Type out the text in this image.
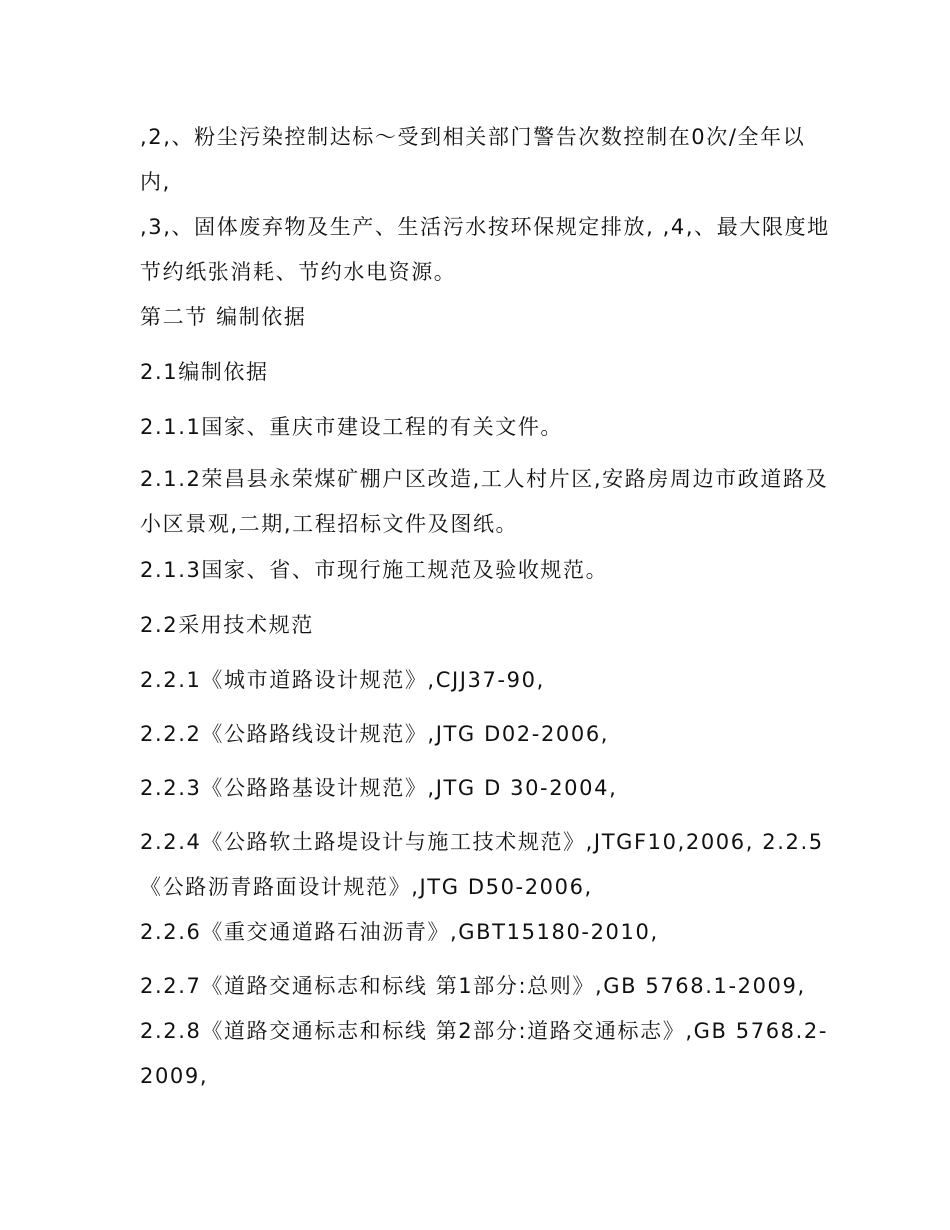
,2,、粉尘污染控制达标～受到相关部门警告次数控制在0次/全年以内,
,3,、固体废弃物及生产、生活污水按环保规定排放, ,4,、最大限度地节约纸张消耗、节约水电资源。
第二节 编制依据
2.1编制依据
2.1.1国家、重庆市建设工程的有关文件。
2.1.2荣昌县永荣煤矿棚户区改造,工人村片区,安路房周边市政道路及小区景观,二期,工程招标文件及图纸。
2.1.3国家、省、市现行施工规范及验收规范。
2.2采用技术规范
2.2.1《城市道路设计规范》,CJJ37-90,
2.2.2《公路路线设计规范》,JTG D02-2006,
2.2.3《公路路基设计规范》,JTG D 30-2004,
2.2.4《公路软土路堤设计与施工技术规范》,JTGF10,2006, 2.2.5《公路沥青路面设计规范》,JTG D50-2006,
2.2.6《重交通道路石油沥青》,GBT15180-2010,
2.2.7《道路交通标志和标线 第1部分:总则》,GB 5768.1-2009, 2.2.8《道路交通标志和标线 第2部分:道路交通标志》,GB 5768.2-2009,
